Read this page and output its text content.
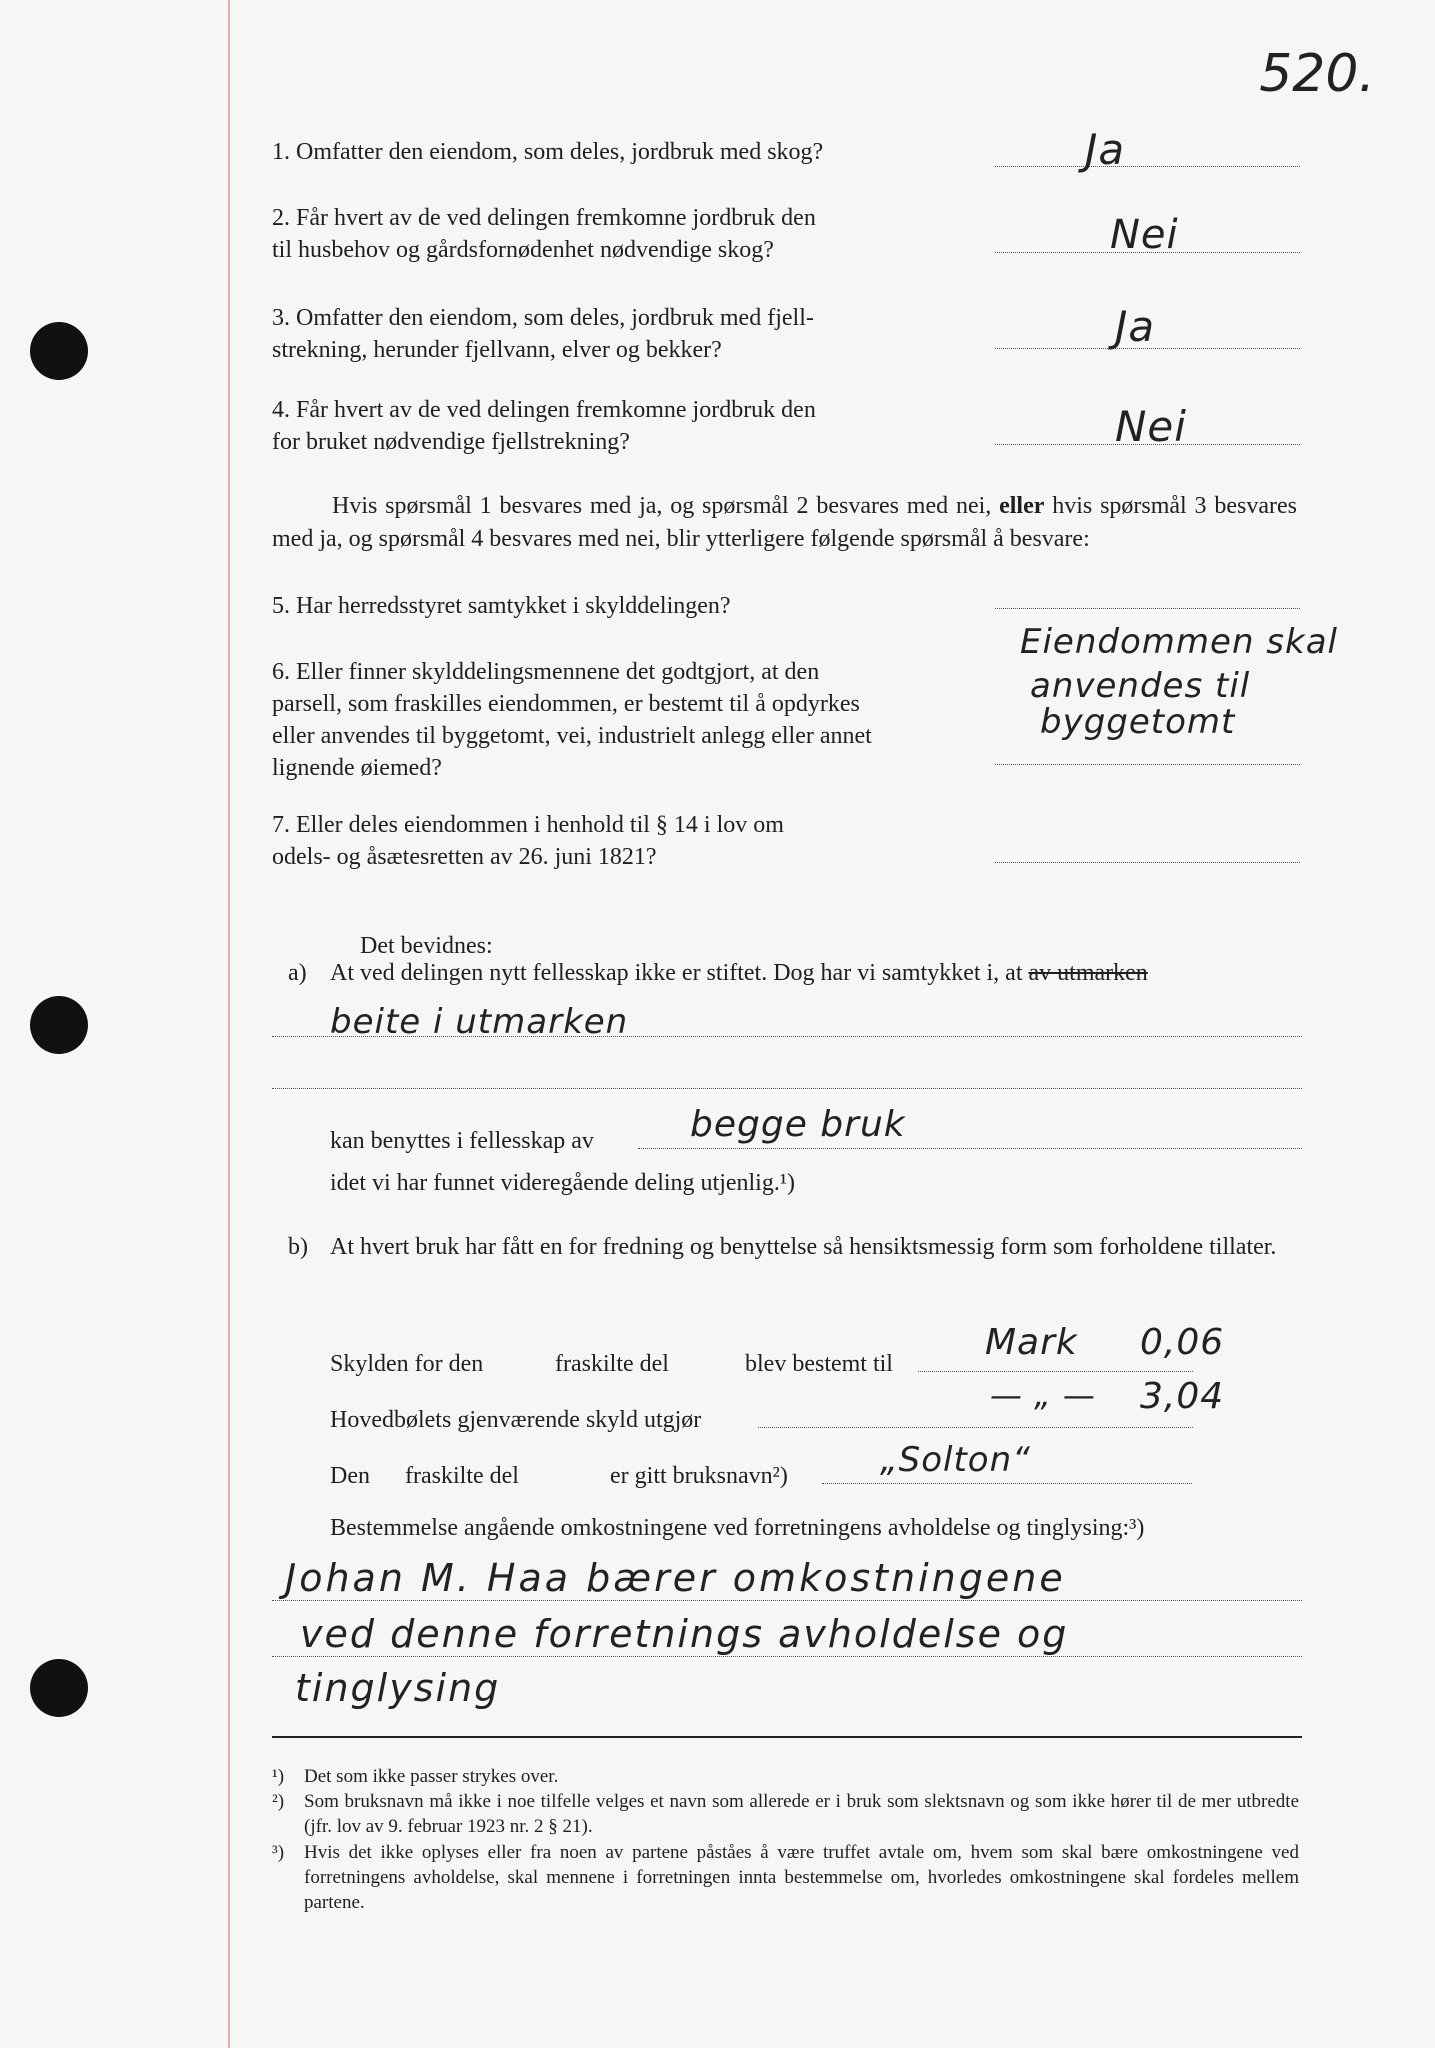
520.
1. Omfatter den eiendom, som deles, jordbruk med skog?	Ja
2. Får hvert av de ved delingen fremkomne jordbruk den
til husbehov og gårdsfornødenhet nødvendige skog?	Nei
3. Omfatter den eiendom, som deles, jordbruk med fjell-
strekning, herunder fjellvann, elver og bekker?	Ja
4. Får hvert av de ved delingen fremkomne jordbruk den
for bruket nødvendige fjellstrekning?	Nei
Hvis spørsmål 1 besvares med ja, og spørsmål 2 besvares med nei, eller hvis spørsmål 3 besvares med ja, og spørsmål 4 besvares med nei, blir ytterligere følgende spørsmål å besvare:
5. Har herredsstyret samtykket i skylddelingen?
6. Eller finner skylddelingsmennene det godtgjort, at den
parsell, som fraskilles eiendommen, er bestemt til å opdyrkes
eller anvendes til byggetomt, vei, industrielt anlegg eller annet
lignende øiemed?
Eiendommen skal
anvendes til
byggetomt
7. Eller deles eiendommen i henhold til § 14 i lov om
odels- og åsætesretten av 26. juni 1821?
Det bevidnes:
a) At ved delingen nytt fellesskap ikke er stiftet. Dog har vi samtykket i, at av utmarken
beite i utmarken
kan benyttes i fellesskap av	begge bruk
idet vi har funnet videregående deling utjenlig.¹)
b) At hvert bruk har fått en for fredning og benyttelse så hensiktsmessig form som forholdene tillater.
Skylden for den	fraskilte del	blev bestemt til
Mark 0,06
Hovedbølets gjenværende skyld utgjør
— „ — 3,04
Den fraskilte del	er gitt bruksnavn²)	„Solton“
Bestemmelse angående omkostningene ved forretningens avholdelse og tinglysing:³)
Johan M. Haa bærer omkostningene
ved denne forretnings avholdelse og
tinglysing
¹) Det som ikke passer strykes over.
²) Som bruksnavn må ikke i noe tilfelle velges et navn som allerede er i bruk som slektsnavn og som ikke hører til de mer utbredte (jfr. lov av 9. februar 1923 nr. 2 § 21).
³) Hvis det ikke oplyses eller fra noen av partene påståes å være truffet avtale om, hvem som skal bære omkostningene ved forretningens avholdelse, skal mennene i forretningen innta bestemmelse om, hvorledes omkostningene skal fordeles mellem partene.
